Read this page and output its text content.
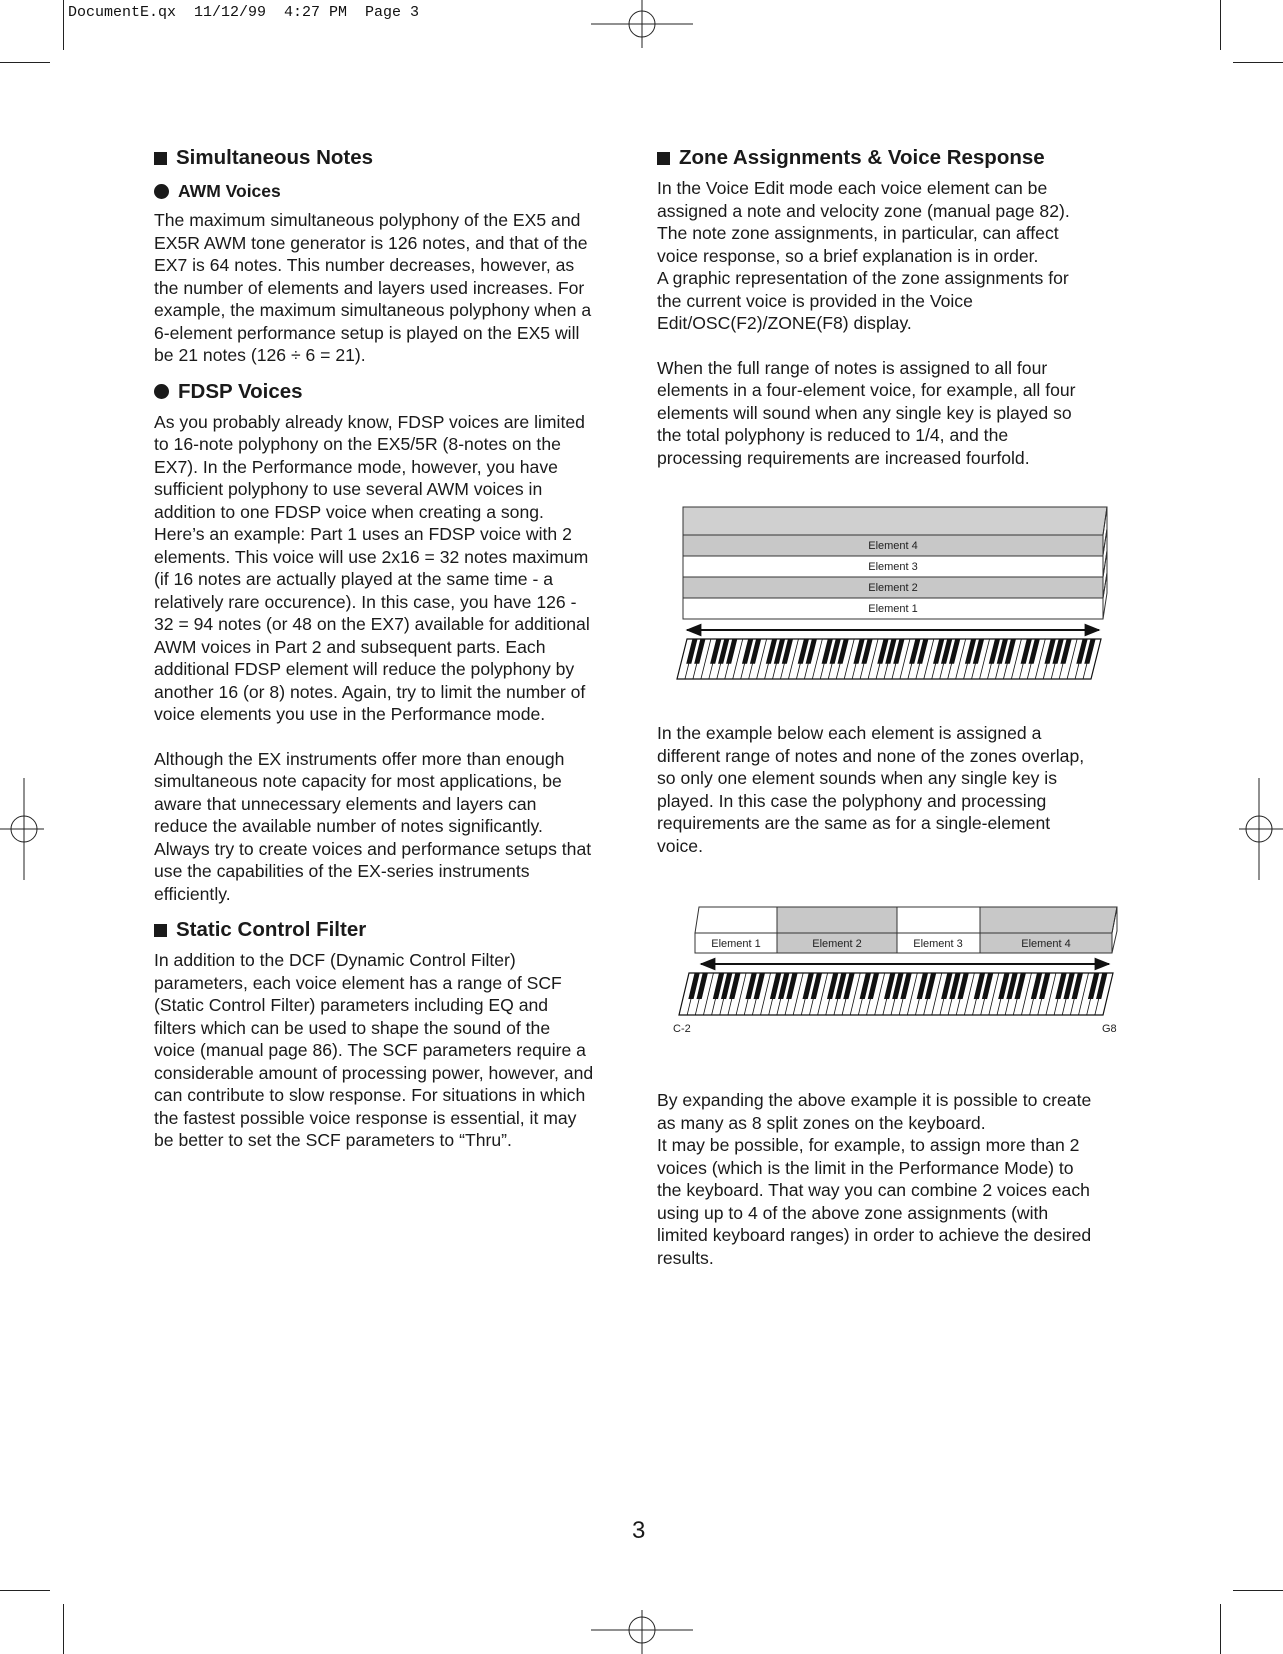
DocumentE.qx  11/12/99  4:27 PM  Page 3
Simultaneous Notes
AWM Voices

The maximum simultaneous polyphony of the EX5 and
EX5R AWM tone generator is 126 notes, and that of the
EX7 is 64 notes. This number decreases, however, as
the number of elements and layers used increases. For
example, the maximum simultaneous polyphony when a
6-element performance setup is played on the EX5 will
be 21 notes (126 ÷ 6 = 21).

FDSP Voices

As you probably already know, FDSP voices are limited
to 16-note polyphony on the EX5/5R (8-notes on the
EX7). In the Performance mode, however, you have
sufficient polyphony to use several AWM voices in
addition to one FDSP voice when creating a song.
Here’s an example: Part 1 uses an FDSP voice with 2
elements. This voice will use 2x16 = 32 notes maximum
(if 16 notes are actually played at the same time - a
relatively rare occurence). In this case, you have 126 -
32 = 94 notes (or 48 on the EX7) available for additional
AWM voices in Part 2 and subsequent parts. Each
additional FDSP element will reduce the polyphony by
another 16 (or 8) notes. Again, try to limit the number of
voice elements you use in the Performance mode.

Although the EX instruments offer more than enough
simultaneous note capacity for most applications, be
aware that unnecessary elements and layers can
reduce the available number of notes significantly.
Always try to create voices and performance setups that
use the capabilities of the EX-series instruments
efficiently.

Static Control Filter

In addition to the DCF (Dynamic Control Filter)
parameters, each voice element has a range of SCF
(Static Control Filter) parameters including EQ and
filters which can be used to shape the sound of the
voice (manual page 86). The SCF parameters require a
considerable amount of processing power, however, and
can contribute to slow response. For situations in which
the fastest possible voice response is essential, it may
be better to set the SCF parameters to “Thru”.

Zone Assignments & Voice Response

In the Voice Edit mode each voice element can be
assigned a note and velocity zone (manual page 82).
The note zone assignments, in particular, can affect
voice response, so a brief explanation is in order.
A graphic representation of the zone assignments for
the current voice is provided in the Voice
Edit/OSC(F2)/ZONE(F8) display.

When the full range of notes is assigned to all four
elements in a four-element voice, for example, all four
elements will sound when any single key is played so
the total polyphony is reduced to 1/4, and the
processing requirements are increased fourfold.

Element 4
Element 3
Element 2
Element 1

In the example below each element is assigned a
different range of notes and none of the zones overlap,
so only one element sounds when any single key is
played. In this case the polyphony and processing
requirements are the same as for a single-element
voice.

Element 1	Element 2	Element 3	Element 4
C-2	G8

By expanding the above example it is possible to create
as many as 8 split zones on the keyboard.
It may be possible, for example, to assign more than 2
voices (which is the limit in the Performance Mode) to
the keyboard. That way you can combine 2 voices each
using up to 4 of the above zone assignments (with
limited keyboard ranges) in order to achieve the desired
results.

3
